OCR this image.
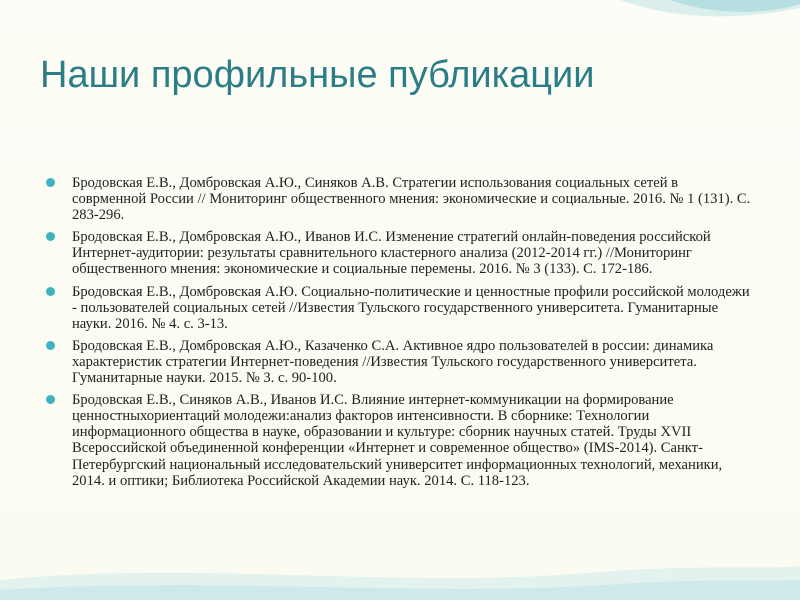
Наши профильные публикации
Бродовская Е.В., Домбровская А.Ю., Синяков А.В. Стратегии использования социальных сетей в соврменной России // Мониторинг общественного мнения: экономические и социальные. 2016. № 1 (131). С. 283-296.
Бродовская Е.В., Домбровская А.Ю., Иванов И.С. Изменение стратегий онлайн-поведения российской Интернет-аудитории: результаты сравнительного кластерного анализа (2012-2014 гг.) //Мониторинг общественного мнения: экономические и социальные перемены. 2016. № 3 (133). С. 172-186.
Бродовская Е.В., Домбровская А.Ю. Социально-политические и ценностные профили российской молодежи - пользователей социальных сетей //Известия Тульского государственного университета. Гуманитарные науки. 2016. № 4. с. 3-13.
Бродовская Е.В., Домбровская А.Ю., Казаченко С.А. Активное ядро пользователей в россии: динамика характеристик стратегии Интернет-поведения //Известия Тульского государственного университета. Гуманитарные науки. 2015. № 3. с. 90-100.
Бродовская Е.В., Синяков А.В., Иванов И.С. Влияние интернет-коммуникации на формирование ценностныхориентаций молодежи:анализ факторов интенсивности. В сборнике: Технологии информационного общества в науке, образовании и культуре: сборник научных статей. Труды XVII Всероссийской объединенной конференции «Интернет и современное общество» (IMS-2014). Санкт-Петербургский национальный исследовательский университет информационных технологий, механики, 2014. и оптики; Библиотека Российской Академии наук. 2014. С. 118-123.
